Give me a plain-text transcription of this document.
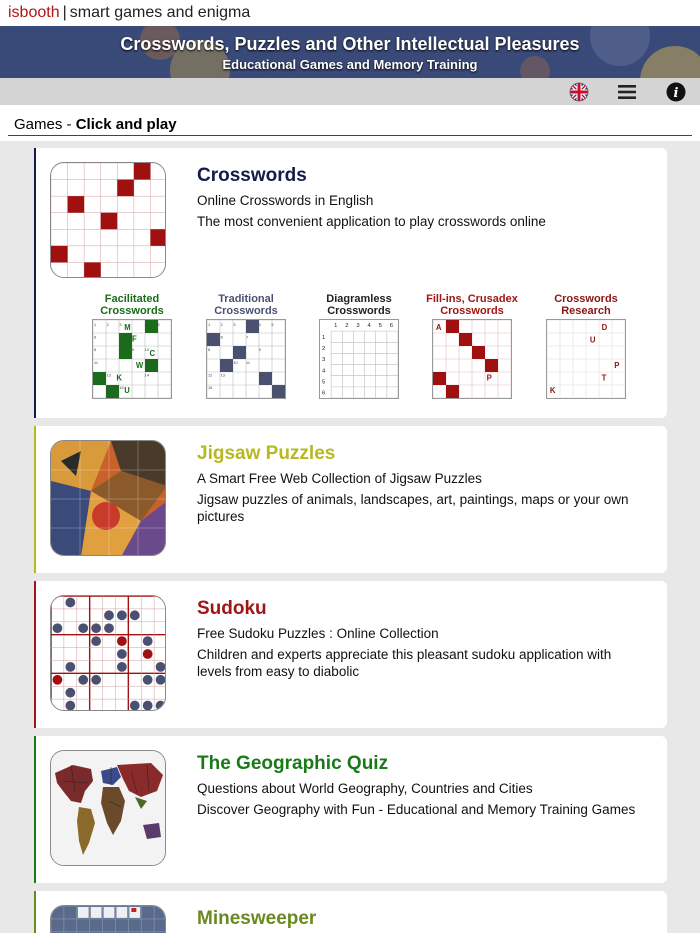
isbooth | smart games and enigma
Crosswords, Puzzles and Other Intellectual Pleasures
Educational Games and Memory Training
i
Games - Click and play
Crosswords
Online Crosswords in English
The most convenient application to play crosswords online
Facilitated Crosswords
1	2	3 M	4
F
5
6	7
8	9	10 C
11	W 12
13 K	14
15 U
Traditional Crosswords
1	2	3	4	5
6	7
8	9
10 11
12 13	14
15
Diagramless Crosswords
1
1
2
2
3
3
4
4
5
5
6
6
Fill-ins, Crusadex Crosswords
A
P
Crosswords Research
D
U
P
T
K
Jigsaw Puzzles
A Smart Free Web Collection of Jigsaw Puzzles
Jigsaw puzzles of animals, landscapes, art, paintings, maps or your own pictures
Sudoku
Free Sudoku Puzzles : Online Collection
Children and experts appreciate this pleasant sudoku application with levels from easy to diabolic
The Geographic Quiz
Questions about World Geography, Countries and Cities
Discover Geography with Fun - Educational and Memory Training Games
Minesweeper
